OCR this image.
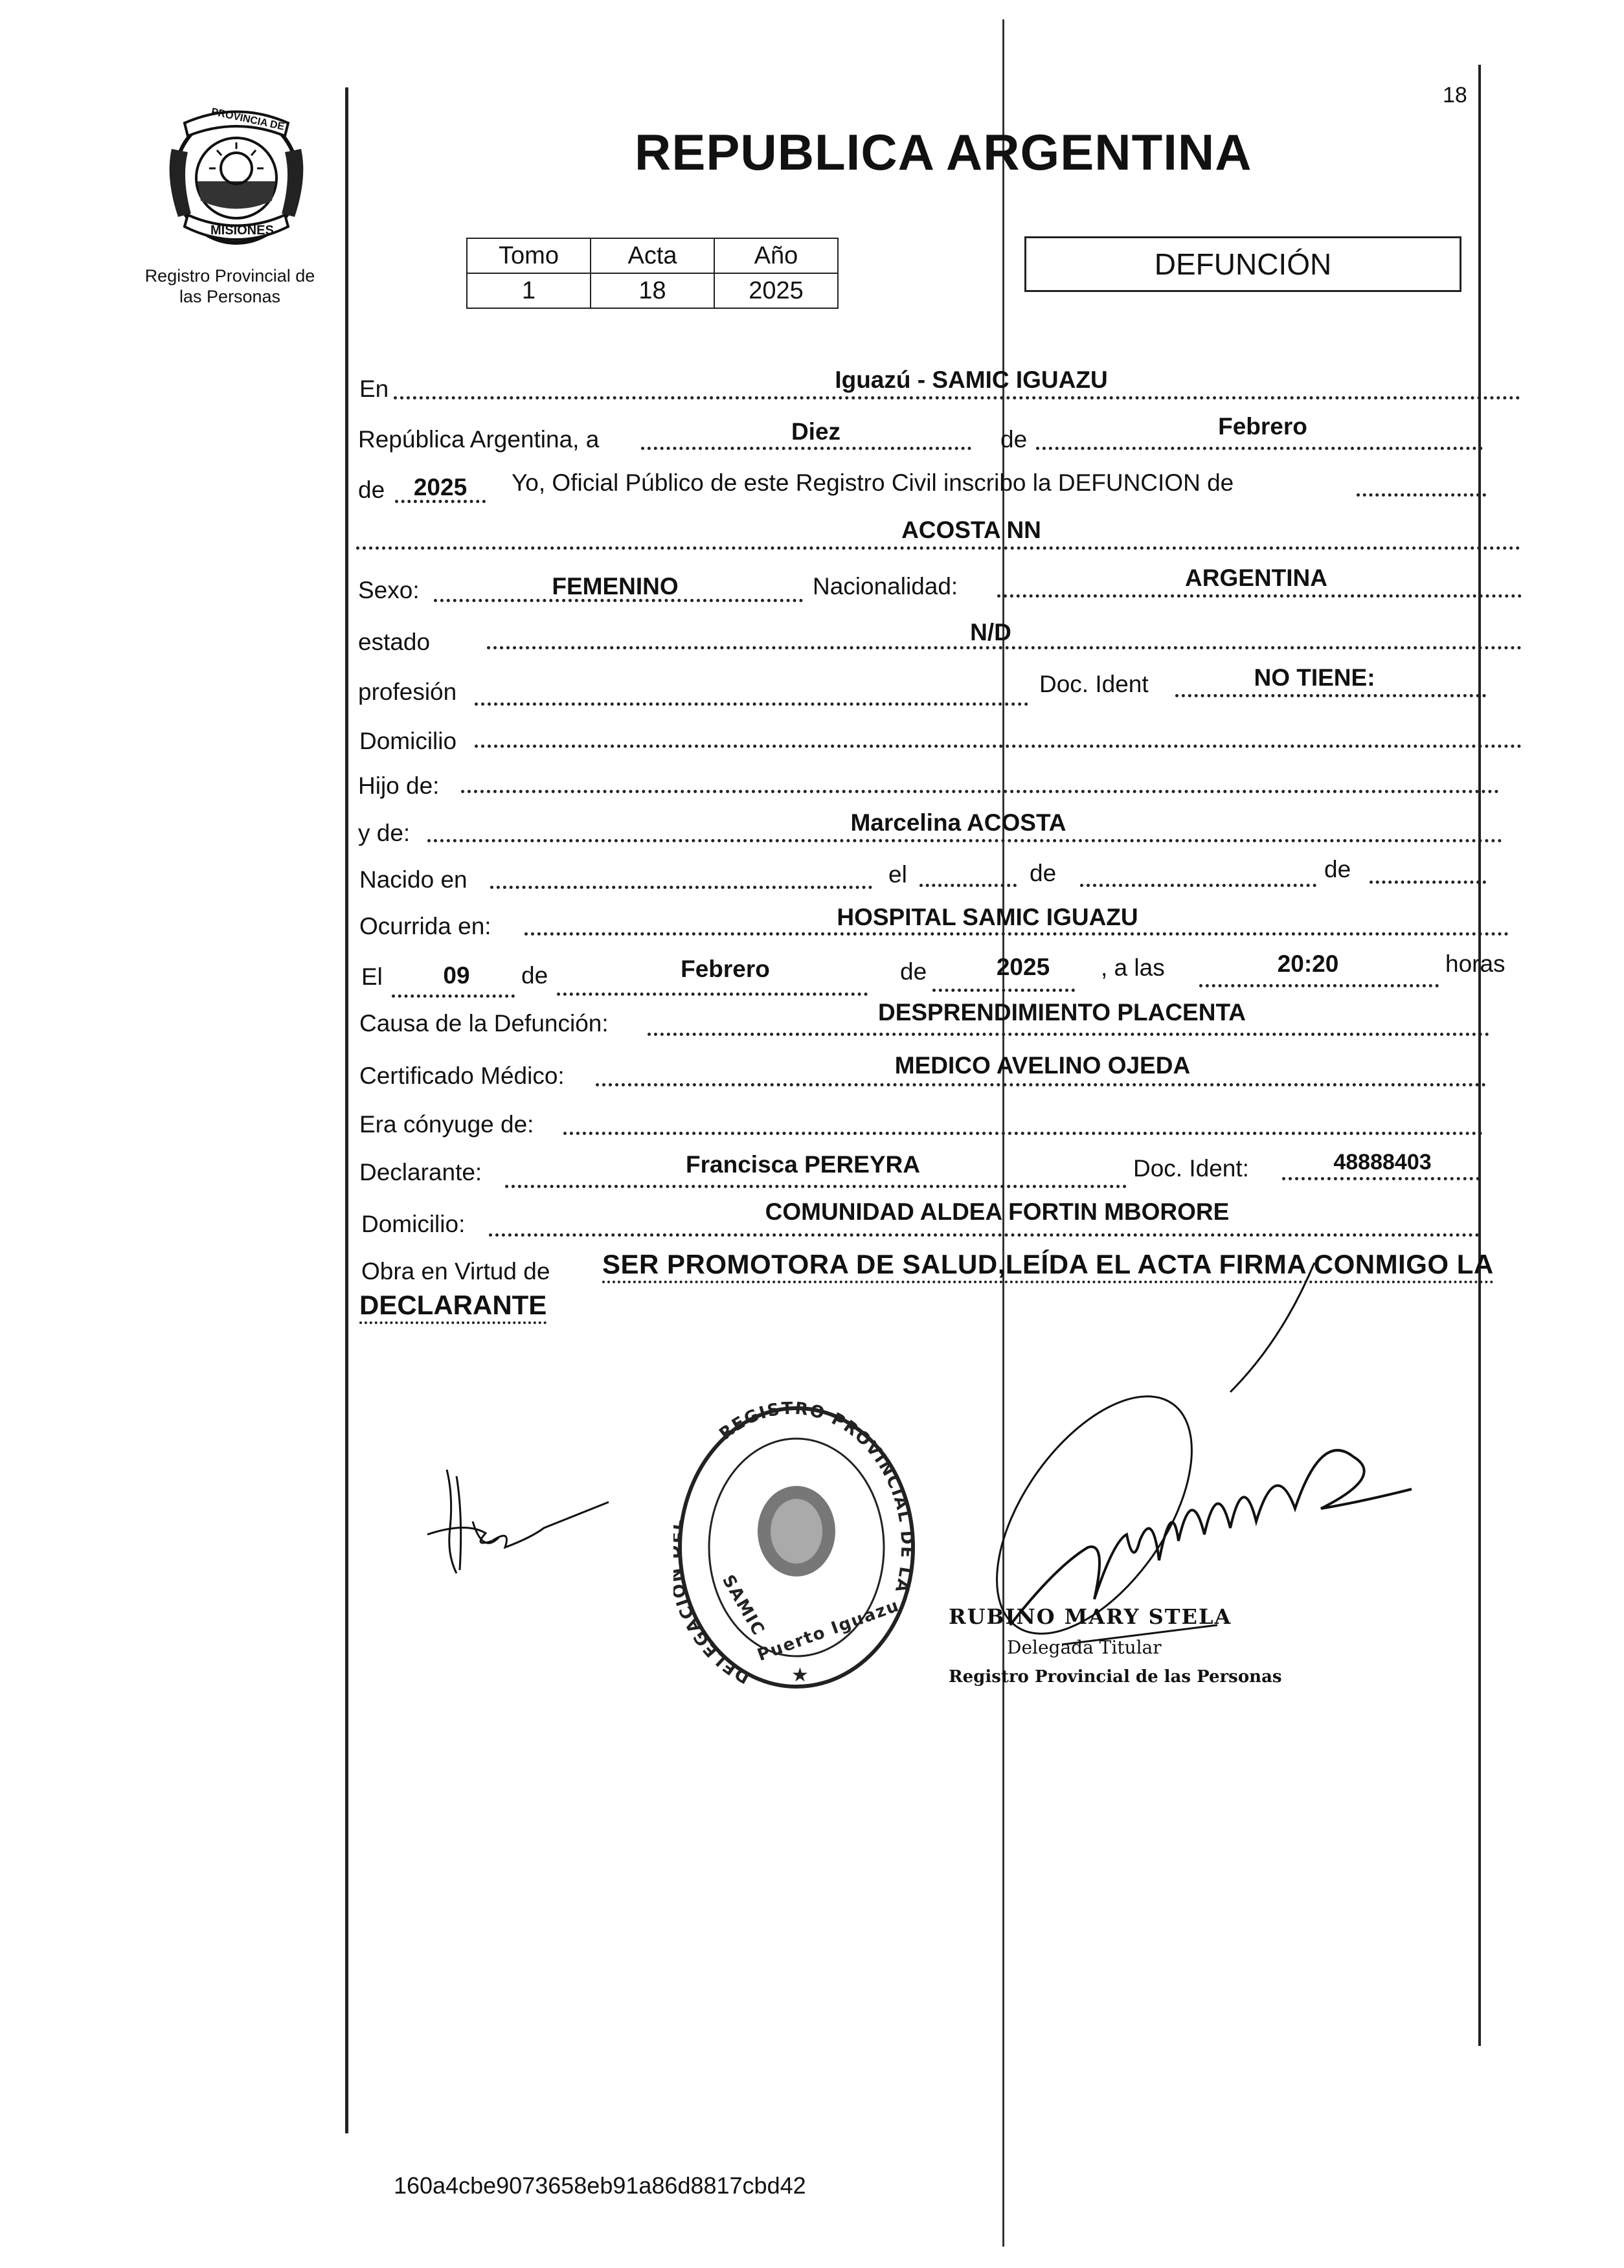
PROVINCIA DE
MISIONES
Registro Provincial de las Personas
18
REPUBLICA ARGENTINA
Tomo	Acta	Año
1	18	2025
DEFUNCIÓN
En	Iguazú - SAMIC IGUAZU
República Argentina, a	Diez	de	Febrero
de	2025	Yo, Oficial Público de este Registro Civil inscribo la DEFUNCION de
ACOSTA NN
Sexo:	FEMENINO	Nacionalidad:	ARGENTINA
estado	N/D
profesión	Doc. Ident	NO TIENE:
Domicilio
Hijo de:
y de:	Marcelina ACOSTA
Nacido en	el	de	de
Ocurrida en:	HOSPITAL SAMIC IGUAZU
El	09	de	Febrero	de	2025	, a las	20:20	horas
Causa de la Defunción:	DESPRENDIMIENTO PLACENTA
Certificado Médico:	MEDICO AVELINO OJEDA
Era cónyuge de:
Declarante:	Francisca PEREYRA	Doc. Ident:	48888403
Domicilio:	COMUNIDAD ALDEA FORTIN MBORORE
Obra en Virtud de SER PROMOTORA DE SALUD,LEÍDA EL ACTA FIRMA CONMIGO LA
DECLARANTE
REGISTRO PROVINCIAL DE LA
DELEGACI	SAMIC
Puerto Iguazu
★
RUBINO MARY STELA
Delegada Titular
Registro Provincial de las Personas
160a4cbe9073658eb91a86d8817cbd42
